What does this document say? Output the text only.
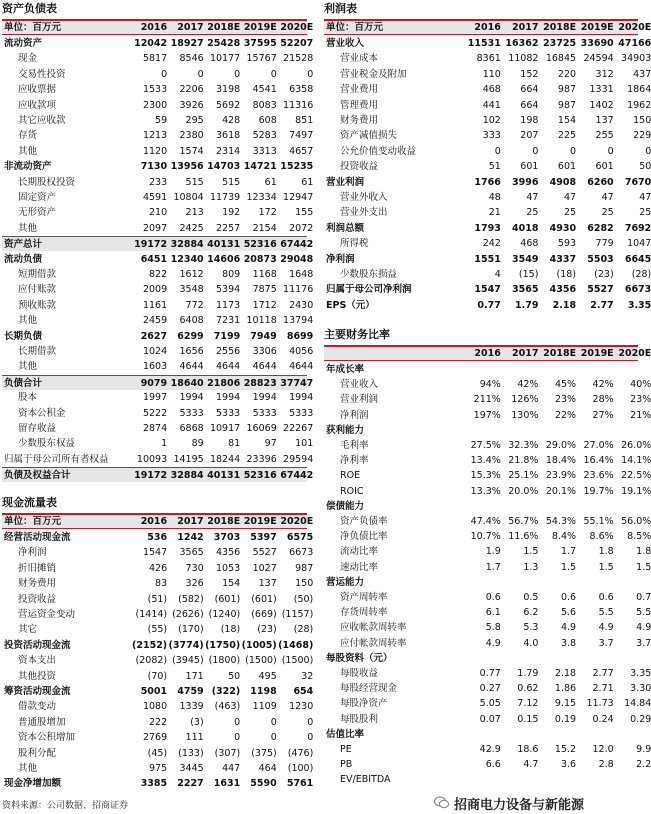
资产负债表
单位：百万元	2016	2017 2018E 2019E 2020E
流动资产	12042 18927 25428 37595 52207
现金	5817	8546 10177 15767 21528
交易性投资	0	0	0	0	0
应收票据	1533	2206	3198	4541	6358
应收款项	2300	3926	5692	8083 11316
其它应收款	59	295	428	608	851
存货	1213	2380	3618	5283	7497
其他	1120	1574	2314	3313	4657
非流动资产	7130 13956 14703 14721 15235
长期股权投资	233	515	515	61	61
固定资产	4591 10804 11739 12334 12947
无形资产	210	213	192	172	155
其他	2097	2425	2257	2154	2072
资产总计	19172 32884 40131 52316 67442
流动负债	6451 12340 14606 20873 29048
短期借款	822	1612	809	1168	1648
应付账款	2009	3548	5394	7875 11176
预收账款	1161	772	1173	1712	2430
其他	2459	6408	7231 10118 13794
长期负债	2627	6299	7199	7949	8699
长期借款	1024	1656	2556	3306	4056
其他	1603	4644	4644	4644	4644
负债合计	9079 18640 21806 28823 37747
股本	1997	1994	1994	1994	1994
资本公积金	5222	5333	5333	5333	5333
留存收益	2874	6868 10917 16069 22267
少数股东权益	1	89	81	97	101
归属于母公司所有者权益	10093 14195 18244 23396 29594
负债及权益合计	19172 32884 40131 52316 67442
现金流量表
单位：百万元	2016	2017 2018E 2019E 2020E
经营活动现金流	536	1242	3703	5397	6575
净利润	1547	3565	4356	5527	6673
折旧摊销	426	730	1053	1027	987
财务费用	83	326	154	137	150
投资收益	(51)	(582)	(601)	(601)	(50)
营运资金变动	(1414) (2626) (1240)	(669) (1157)
其它	(55)	(170)	(18)	(23)	(28)
投资活动现金流	(2152) (3774) (1750) (1005) (1468)
资本支出	(2082) (3945) (1800) (1500) (1500)
其他投资	(70)	171	50	495	32
筹资活动现金流	5001	4759 (322)	1198	654
借款变动	1080	1339	(463)	1109	1230
普通股增加	222	(3)	0	0	0
资本公积增加	2769	111	0	0	0
股利分配	(45)	(133)	(307)	(375)	(476)
其他	975	3445	447	464	(100)
现金净增加额	3385	2227	1631	5590	5761
利润表
单位：百万元	2016	2017 2018E 2019E 2020E
营业收入	11531 16362 23725 33690 47166
营业成本	8361 11082 16845 24594 34903
营业税金及附加	110	152	220	312	437
营业费用	468	664	987	1331	1864
管理费用	441	664	987	1402	1962
财务费用	102	198	154	137	150
资产减值损失	333	207	225	255	229
公允价值变动收益	0	0	0	0	0
投资收益	51	601	601	601	50
营业利润	1766	3996	4908	6260	7670
营业外收入	48	47	47	47	47
营业外支出	21	25	25	25	25
利润总额	1793	4018	4930	6282	7692
所得税	242	468	593	779	1047
净利润	1551	3549	4337	5503	6645
少数股东损益	4	(15)	(18)	(23)	(28)
归属于母公司净利润	1547	3565	4356	5527	6673
EPS（元）	0.77	1.79	2.18	2.77	3.35
主要财务比率
2016	2017 2018E 2019E 2020E
年成长率
营业收入	94%	42%	45%	42%	40%
营业利润	211%	126%	23%	28%	23%
净利润	197%	130%	22%	27%	21%
获利能力
毛利率	27.5% 32.3% 29.0% 27.0% 26.0%
净利率	13.4% 21.8% 18.4% 16.4% 14.1%
ROE	15.3% 25.1% 23.9% 23.6% 22.5%
ROIC	13.3% 20.0% 20.1% 19.7% 19.1%
偿债能力
资产负债率	47.4% 56.7% 54.3% 55.1% 56.0%
净负债比率	10.7% 11.6%	8.4%	8.6%	8.5%
流动比率	1.9	1.5	1.7	1.8	1.8
速动比率	1.7	1.3	1.5	1.5	1.5
营运能力
资产周转率	0.6	0.5	0.6	0.6	0.7
存货周转率	6.1	6.2	5.6	5.5	5.5
应收帐款周转率	5.8	5.3	4.9	4.9	4.9
应付帐款周转率	4.9	4.0	3.8	3.7	3.7
每股资料（元）
每股收益	0.77	1.79	2.18	2.77	3.35
每股经营现金	0.27	0.62	1.86	2.71	3.30
每股净资产	5.05	7.12	9.15	11.73	14.84
每股股利	0.07	0.15	0.19	0.24	0.29
估值比率
PE	42.9	18.6	15.2	12.0	9.9
PB	6.6	4.7	3.6	2.8	2.2
EV/EBITDA
资料来源：公司数据、招商证券	招商电力设备与新能源
